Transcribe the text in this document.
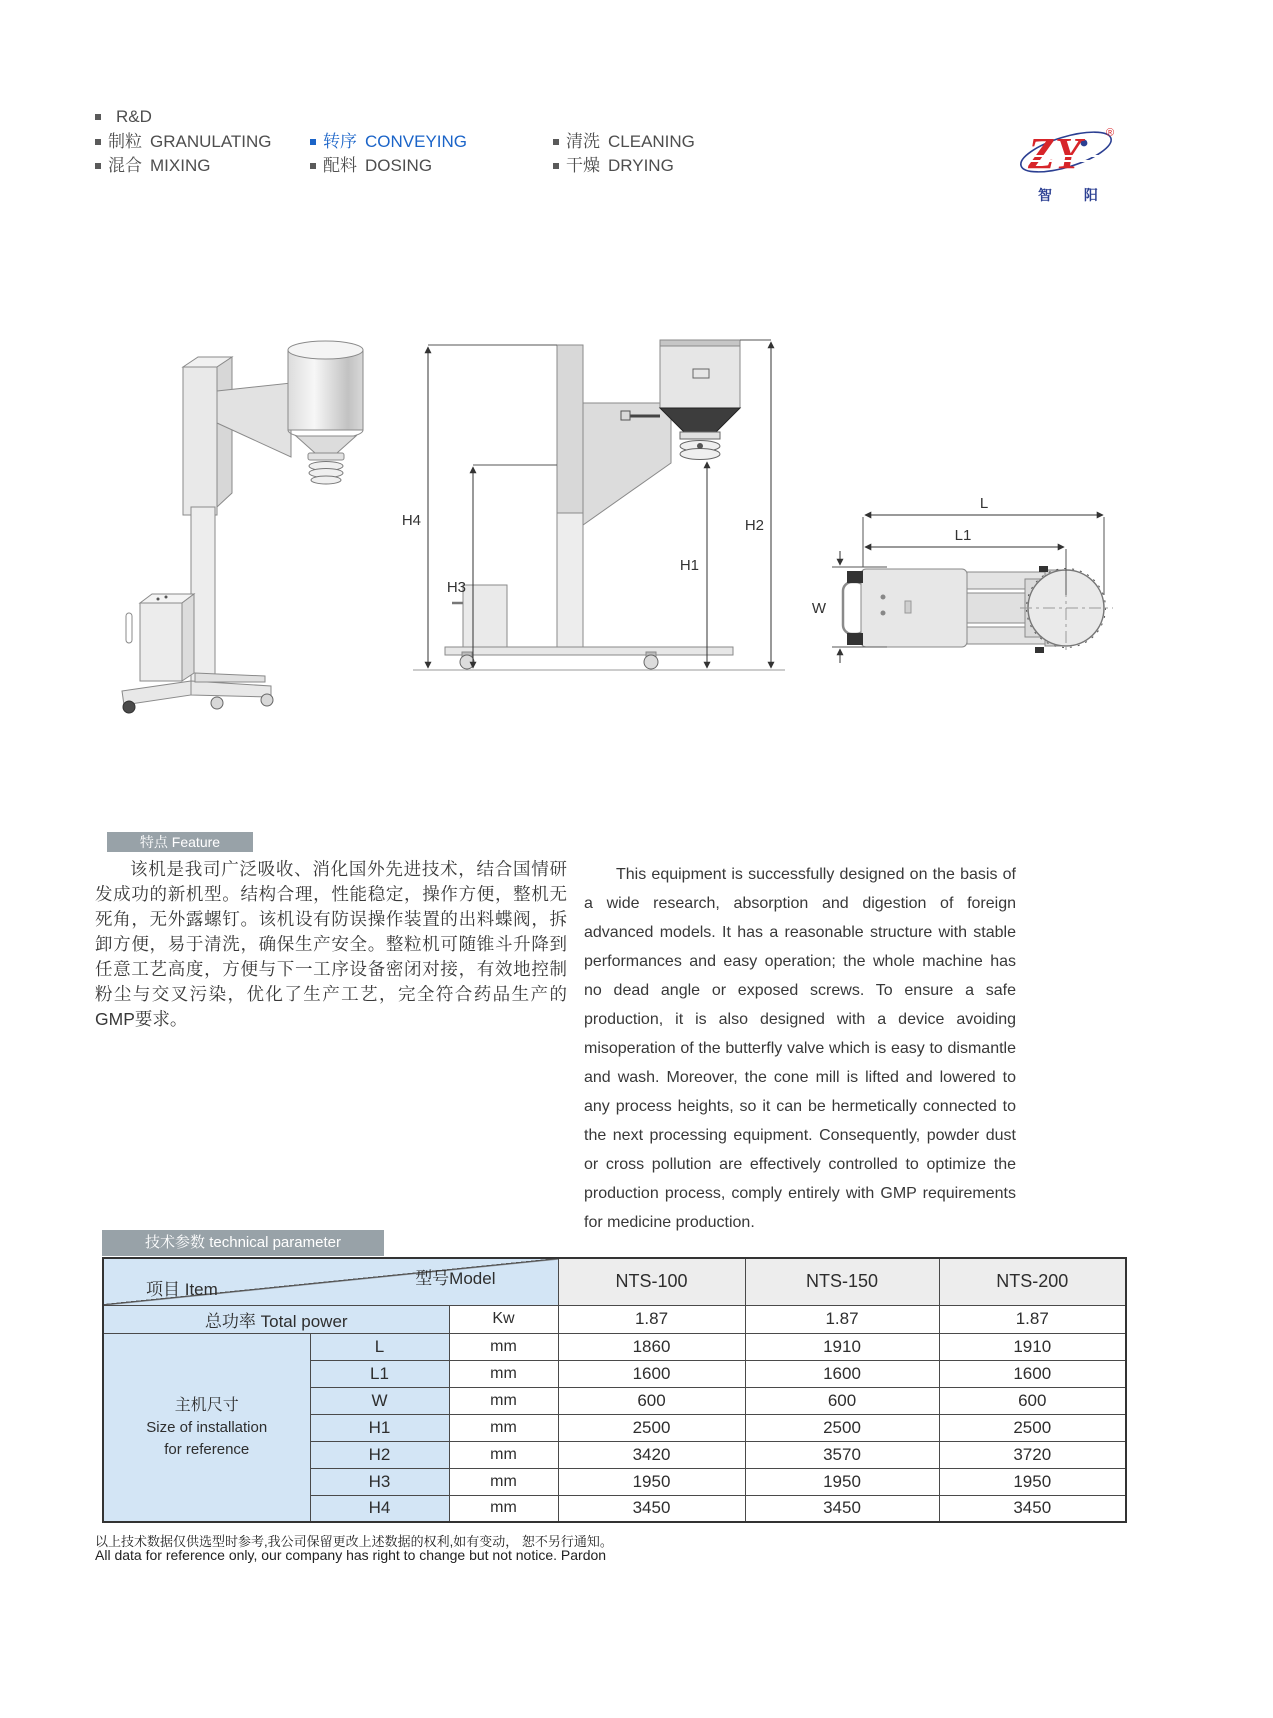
R&D
制粒 GRANULATING
混合 MIXING
转序 CONVEYING
配料 DOSING
清洗 CLEANING
干燥 DRYING	ZY	®
智 阳
H4
H3
H1
H2
L
L1
W
特点 Feature
该机是我司广泛吸收、消化国外先进技术，结合国情研发成功的新机型。结构合理，性能稳定，操作方便，整机无死角，无外露螺钉。该机设有防误操作装置的出料蝶阀，拆卸方便，易于清洗，确保生产安全。整粒机可随锥斗升降到任意工艺高度，方便与下一工序设备密闭对接，有效地控制粉尘与交叉污染，优化了生产工艺，完全符合药品生产的GMP要求。
This equipment is successfully designed on the basis of a wide research, absorption and digestion of foreign advanced models. It has a reasonable structure with stable performances and easy operation; the whole machine has no dead angle or exposed screws. To ensure a safe production, it is also designed with a device avoiding misoperation of the butterfly valve which is easy to dismantle and wash. Moreover, the cone mill is lifted and lowered to any process heights, so it can be hermetically connected to the next processing equipment. Consequently, powder dust or cross pollution are effectively controlled to optimize the production process, comply entirely with GMP requirements for medicine production.
技术参数 technical parameter
型号Model
项目 Item			NTS-100	NTS-150	NTS-200
总功率 Total power		Kw	1.87	1.87	1.87

主机尺寸
Size of installation
for reference	L	mm	1860	1910	1910
	L1	mm	1600	1600	1600
	W	mm	600	600	600
	H1	mm	2500	2500	2500
	H2	mm	3420	3570	3720
	H3	mm	1950	1950	1950
	H4	mm	3450	3450	3450
以上技术数据仅供选型时参考,我公司保留更改上述数据的权利,如有变动， 恕不另行通知。
All data for reference only, our company has right to change but not notice. Pardon
